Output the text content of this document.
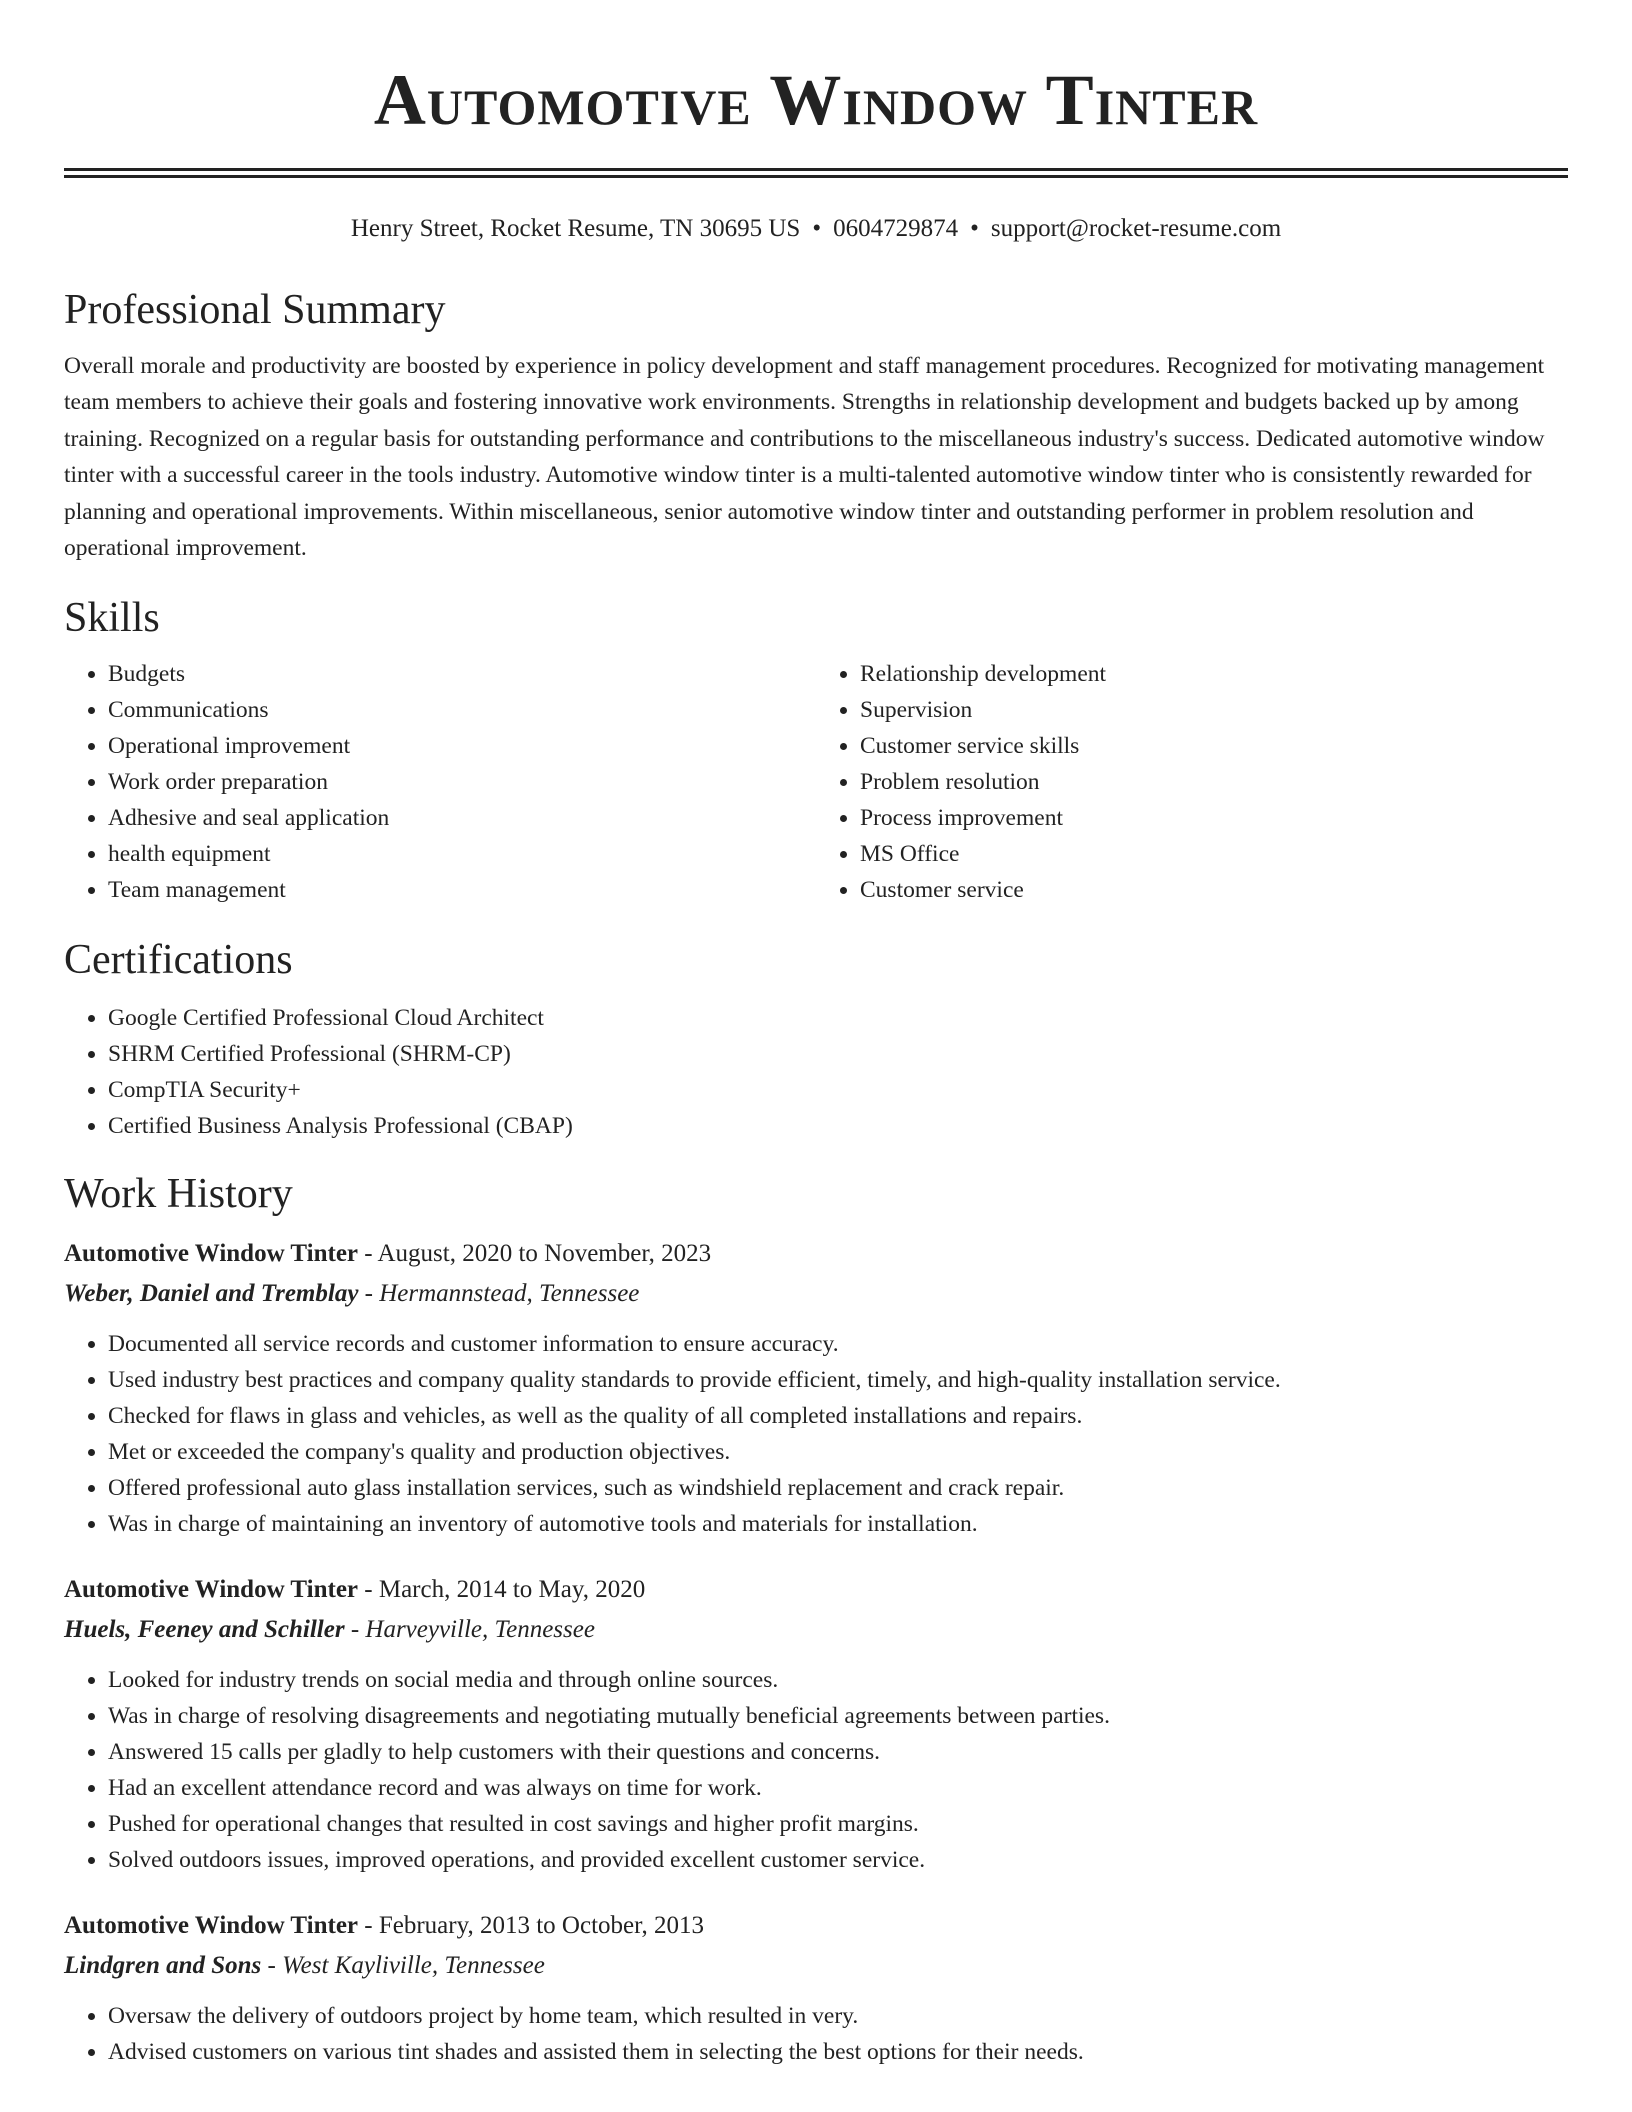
Automotive Window Tinter
Henry Street, Rocket Resume, TN 30695 US • 0604729874 • support@rocket-resume.com
Professional Summary

Overall morale and productivity are boosted by experience in policy development and staff management procedures. Recognized for motivating management team members to achieve their goals and fostering innovative work environments. Strengths in relationship development and budgets backed up by among training. Recognized on a regular basis for outstanding performance and contributions to the miscellaneous industry's success. Dedicated automotive window tinter with a successful career in the tools industry. Automotive window tinter is a multi-talented automotive window tinter who is consistently rewarded for planning and operational improvements. Within miscellaneous, senior automotive window tinter and outstanding performer in problem resolution and operational improvement.

Skills
• Budgets
• Communications
• Operational improvement
• Work order preparation
• Adhesive and seal application
• health equipment
• Team management
• Relationship development
• Supervision
• Customer service skills
• Problem resolution
• Process improvement
• MS Office
• Customer service
Certifications
• Google Certified Professional Cloud Architect
• SHRM Certified Professional (SHRM-CP)
• CompTIA Security+
• Certified Business Analysis Professional (CBAP)
Work History
Automotive Window Tinter - August, 2020 to November, 2023
Weber, Daniel and Tremblay - Hermannstead, Tennessee
• Documented all service records and customer information to ensure accuracy.
• Used industry best practices and company quality standards to provide efficient, timely, and high-quality installation service.
• Checked for flaws in glass and vehicles, as well as the quality of all completed installations and repairs.
• Met or exceeded the company's quality and production objectives.
• Offered professional auto glass installation services, such as windshield replacement and crack repair.
• Was in charge of maintaining an inventory of automotive tools and materials for installation.
Automotive Window Tinter - March, 2014 to May, 2020
Huels, Feeney and Schiller - Harveyville, Tennessee
• Looked for industry trends on social media and through online sources.
• Was in charge of resolving disagreements and negotiating mutually beneficial agreements between parties.
• Answered 15 calls per gladly to help customers with their questions and concerns.
• Had an excellent attendance record and was always on time for work.
• Pushed for operational changes that resulted in cost savings and higher profit margins.
• Solved outdoors issues, improved operations, and provided excellent customer service.
Automotive Window Tinter - February, 2013 to October, 2013
Lindgren and Sons - West Kayliville, Tennessee
• Oversaw the delivery of outdoors project by home team, which resulted in very.
• Advised customers on various tint shades and assisted them in selecting the best options for their needs.
